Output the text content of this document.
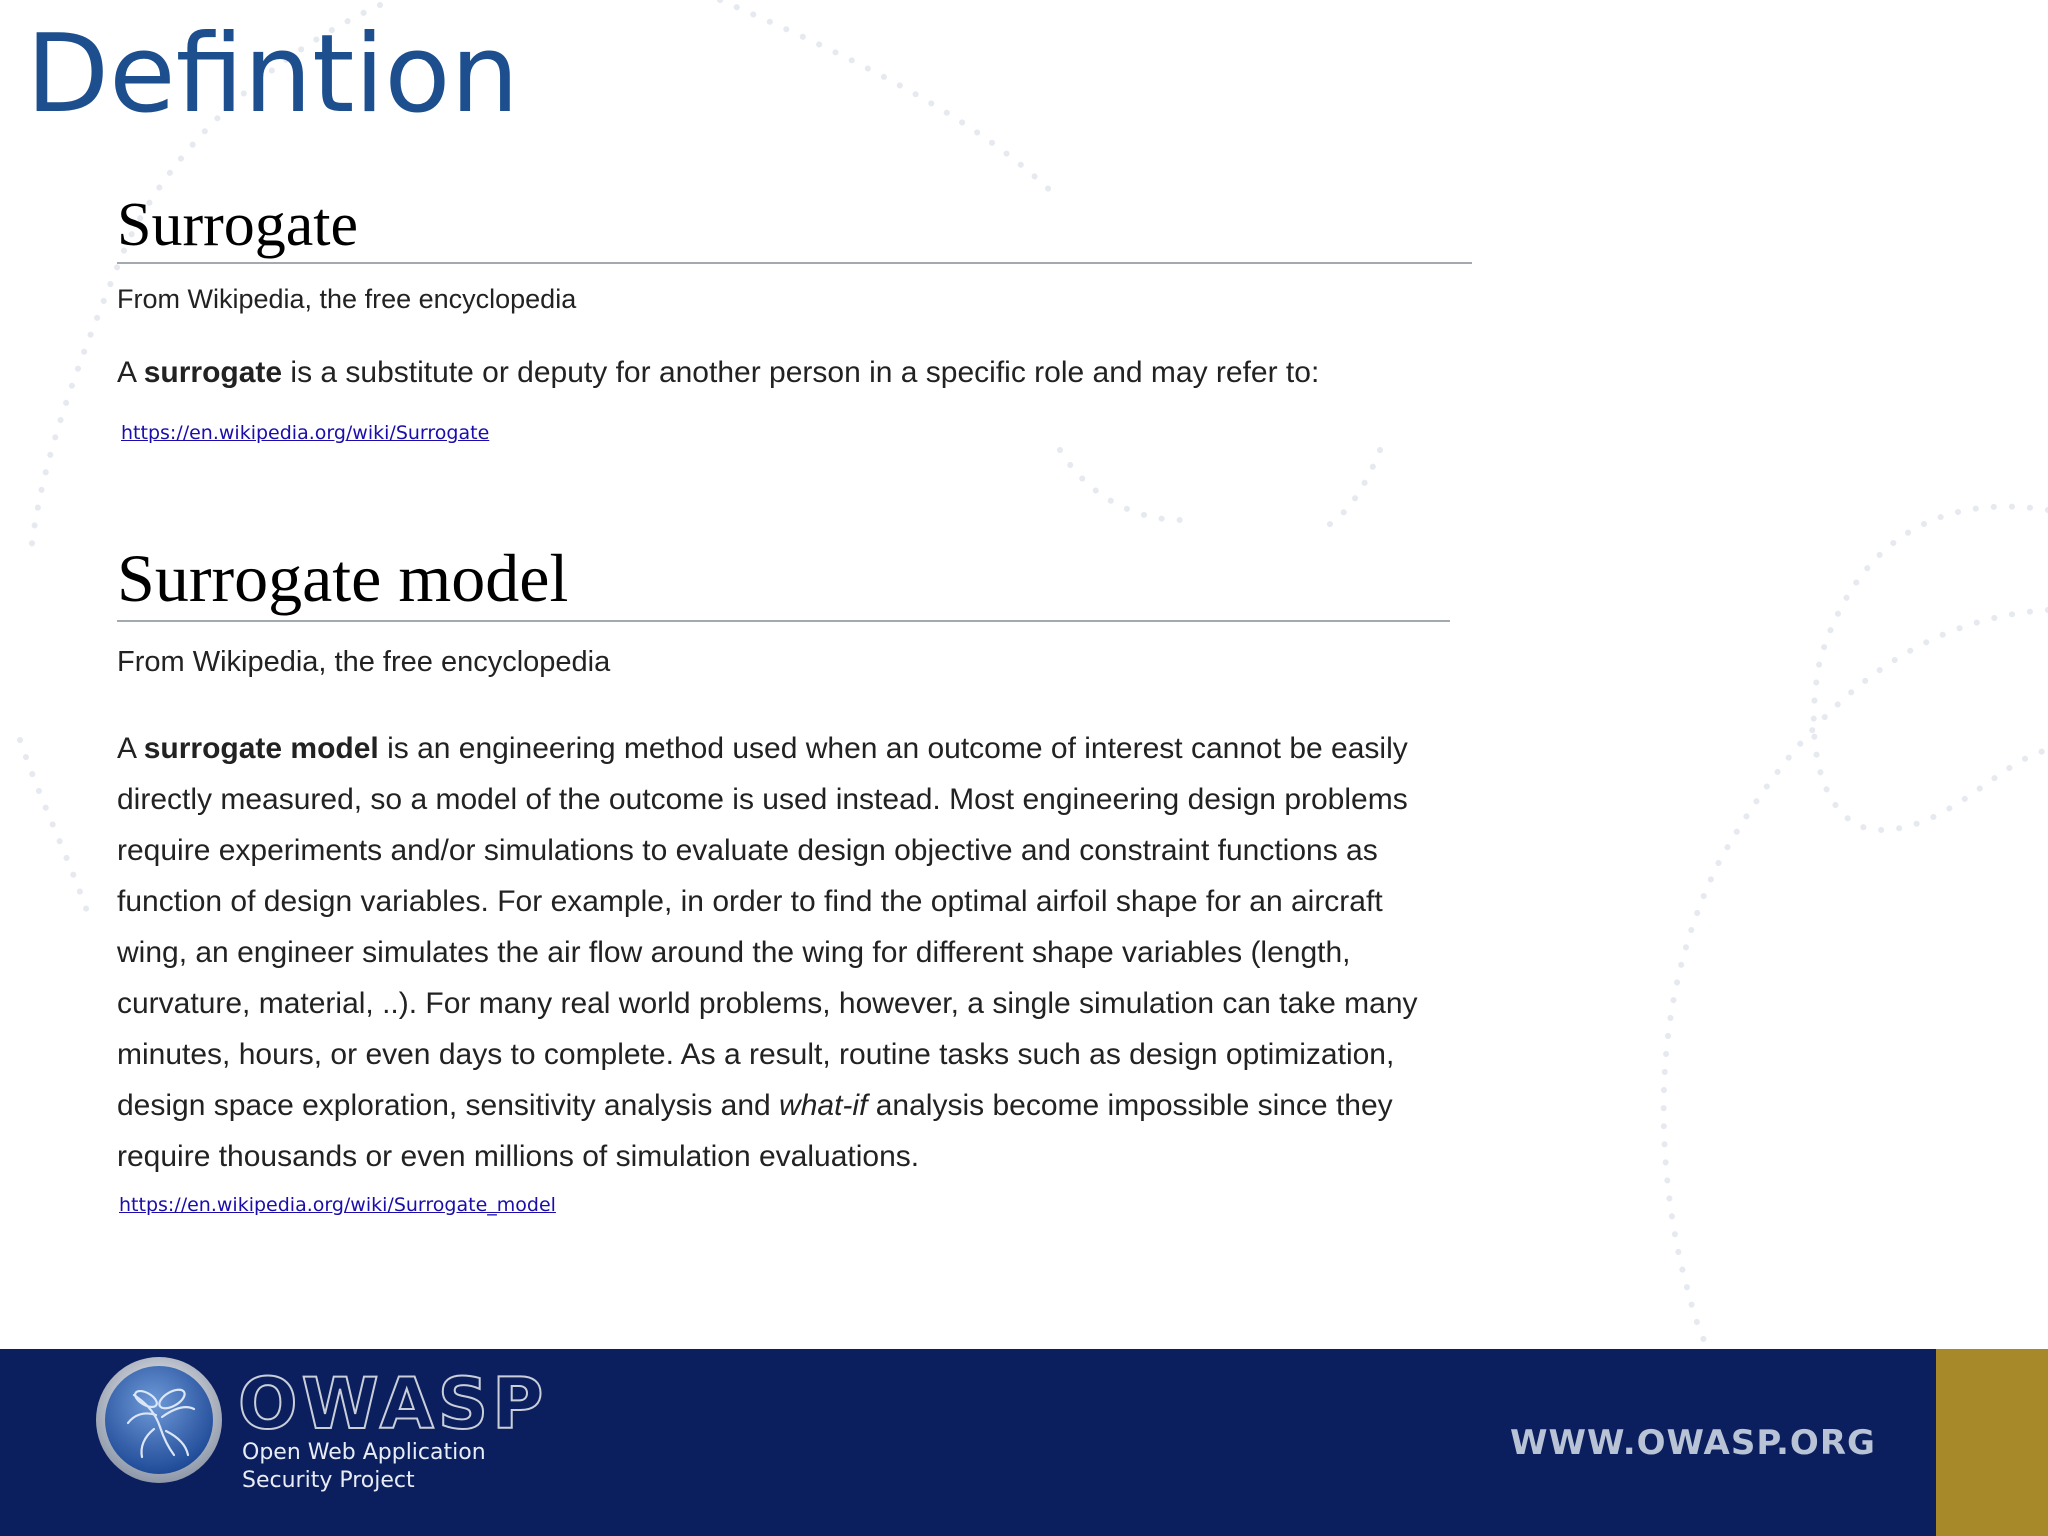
Defintion
Surrogate

From Wikipedia, the free encyclopedia

A surrogate is a substitute or deputy for another person in a specific role and may refer to:

https://en.wikipedia.org/wiki/Surrogate
Surrogate model

From Wikipedia, the free encyclopedia

A surrogate model is an engineering method used when an outcome of interest cannot be easily directly measured, so a model of the outcome is used instead. Most engineering design problems require experiments and/or simulations to evaluate design objective and constraint functions as function of design variables. For example, in order to find the optimal airfoil shape for an aircraft wing, an engineer simulates the air flow around the wing for different shape variables (length, curvature, material, ..). For many real world problems, however, a single simulation can take many minutes, hours, or even days to complete. As a result, routine tasks such as design optimization, design space exploration, sensitivity analysis and what-if analysis become impossible since they require thousands or even millions of simulation evaluations.

https://en.wikipedia.org/wiki/Surrogate_model

OWASP

Open Web Application
Security Project

WWW.OWASP.ORG
